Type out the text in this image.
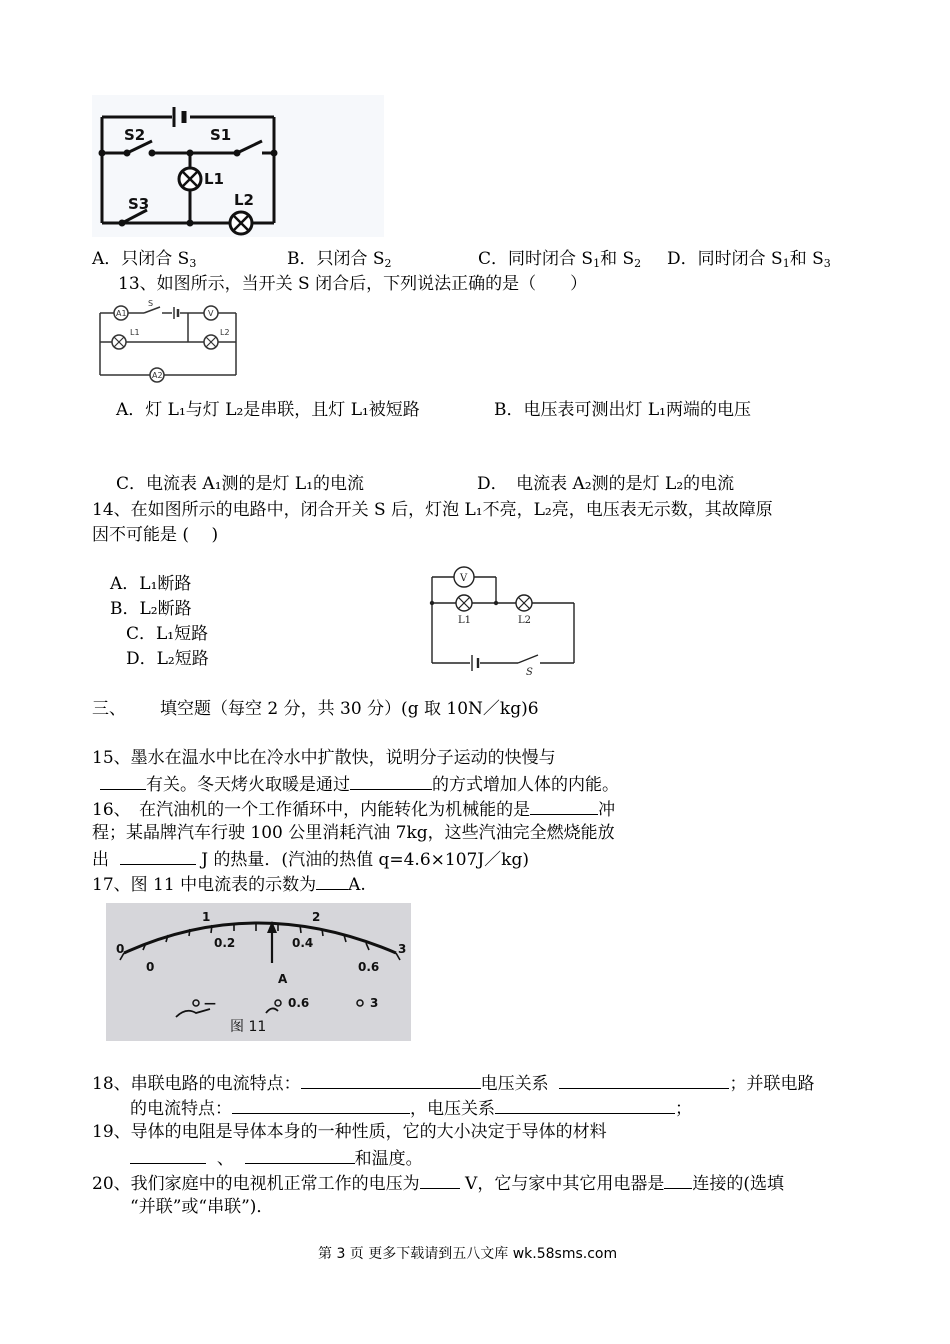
S2	S1
S3
L1
L2
A．只闭合 $S_3$	B．只闭合 $S_2$	C．同时闭合 $S_1$和 $S_2$ D．同时闭合 $S_1$和 $S_3$
13、如图所示，当开关 S 闭合后，下列说法正确的是（　　）
A1
S
V
L1	L2
A2
A．灯 L₁与灯 L₂是串联，且灯 L₁被短路	B．电压表可测出灯 L₁两端的电压
C．电流表 A₁测的是灯 L₁的电流	D．　电流表 A₂测的是灯 L₂的电流
14、在如图所示的电路中，闭合开关 S 后，灯泡 L₁不亮，L₂亮，电压表无示数，其故障原
因不可能是 (　 )
A．L₁断路
B．L₂断路
C．L₁短路
D．L₂短路
V
L1	L2
S
三、 填空题（每空 2 分，共 30 分）(g 取 10N／kg)6
15、墨水在温水中比在冷水中扩散快，说明分子运动的快慢与
有关。冬天烤火取暖是通过	的方式增加人体的内能。
16、　在汽油机的一个工作循环中，内能转化为机械能的是	冲
程；某晶牌汽车行驶 100 公里消耗汽油 7kg，这些汽油完全燃烧能放
出	J 的热量．(汽油的热值 q=4.6×107J／kg)
17、图 11 中电流表的示数为 A.
0
1	2
3
0
0.2	0.4
0.6
A
—	0.6	3
图 11
18、串联电路的电流特点：	电压关系	；并联电路
的电流特点：	，电压关系	；
19、导体的电阻是导体本身的一种性质，它的大小决定于导体的材料
、	和温度。
20、我们家庭中的电视机正常工作的电压为	V，它与家中其它用电器是 连接的(选填
“并联”或“串联”)．
第 3 页 更多下载请到五八文库 wk.58sms.com
